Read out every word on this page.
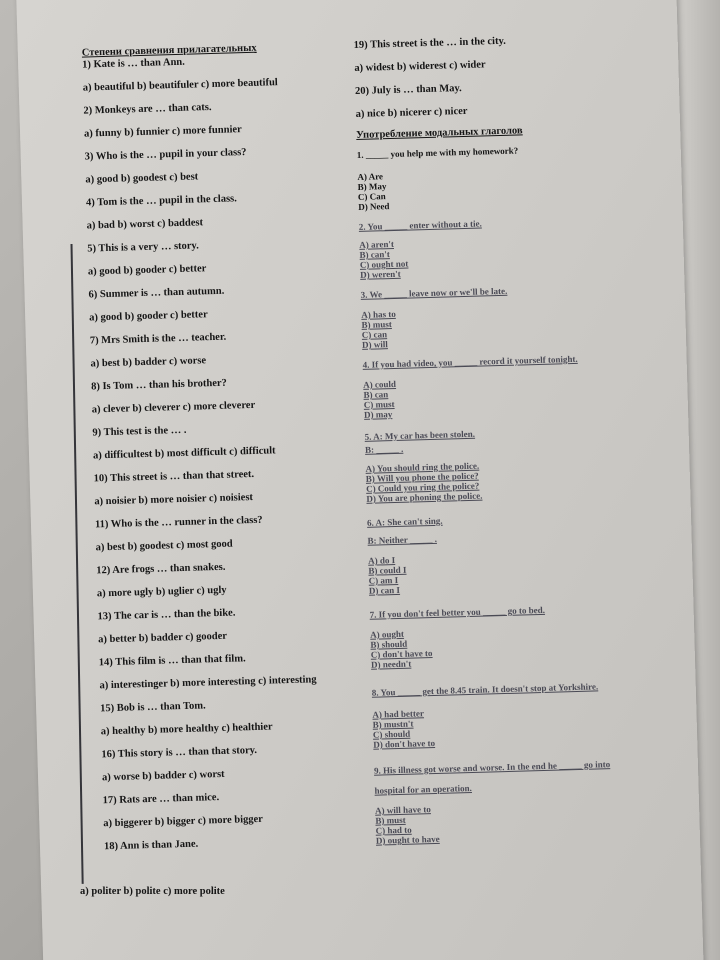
Степени сравнения прилагательных
1) Kate is … than Ann.
a) beautiful b) beautifuler c) more beautiful
2) Monkeys are … than cats.
a) funny b) funnier c) more funnier
3) Who is the … pupil in your class?
a) good b) goodest c) best
4) Tom is the … pupil in the class.
a) bad b) worst c) baddest
5) This is a very … story.
a) good b) gooder c) better
6) Summer is … than autumn.
a) good b) gooder c) better
7) Mrs Smith is the … teacher.
a) best b) badder c) worse
8) Is Tom … than his brother?
a) clever b) cleverer c) more cleverer
9) This test is the … .
a) difficultest b) most difficult c) difficult
10) This street is … than that street.
a) noisier b) more noisier c) noisiest
11) Who is the … runner in the class?
a) best b) goodest c) most good
12) Are frogs … than snakes.
a) more ugly b) uglier c) ugly
13) The car is … than the bike.
a) better b) badder c) gooder
14) This film is … than that film.
a) interestinger b) more interesting c) interesting
15) Bob is … than Tom.
a) healthy b) more healthy c) healthier
16) This story is … than that story.
a) worse b) badder c) worst
17) Rats are … than mice.
a) biggerer b) bigger c) more bigger
18) Ann is than Jane.
19) This street is the … in the city.
a) widest b) widerest c) wider
20) July is … than May.
a) nice b) nicerer c) nicer
Употребление модальных глаголов
1. _____ you help me with my homework?
A) Are
B) May
C) Can
D) Need
2. You _____ enter without a tie.
A) aren't
B) can't
C) ought not
D) weren't
3. We _____ leave now or we'll be late.
A) has to
B) must
C) can
D) will
4. If you had video, you _____ record it yourself tonight.
A) could
B) can
C) must
D) may
5. A: My car has been stolen.
B: _____ .
A) You should ring the police.
B) Will you phone the police?
C) Could you ring the police?
D) You are phoning the police.
6. A: She can't sing.
B: Neither _____ .
A) do I
B) could I
C) am I
D) can I
7. If you don't feel better you _____ go to bed.
A) ought
B) should
C) don't have to
D) needn't
8. You _____ get the 8.45 train. It doesn't stop at Yorkshire.
A) had better
B) mustn't
C) should
D) don't have to
9. His illness got worse and worse. In the end he _____ go into
hospital for an operation.
A) will have to
B) must
C) had to
D) ought to have
a) politer b) polite c) more polite
